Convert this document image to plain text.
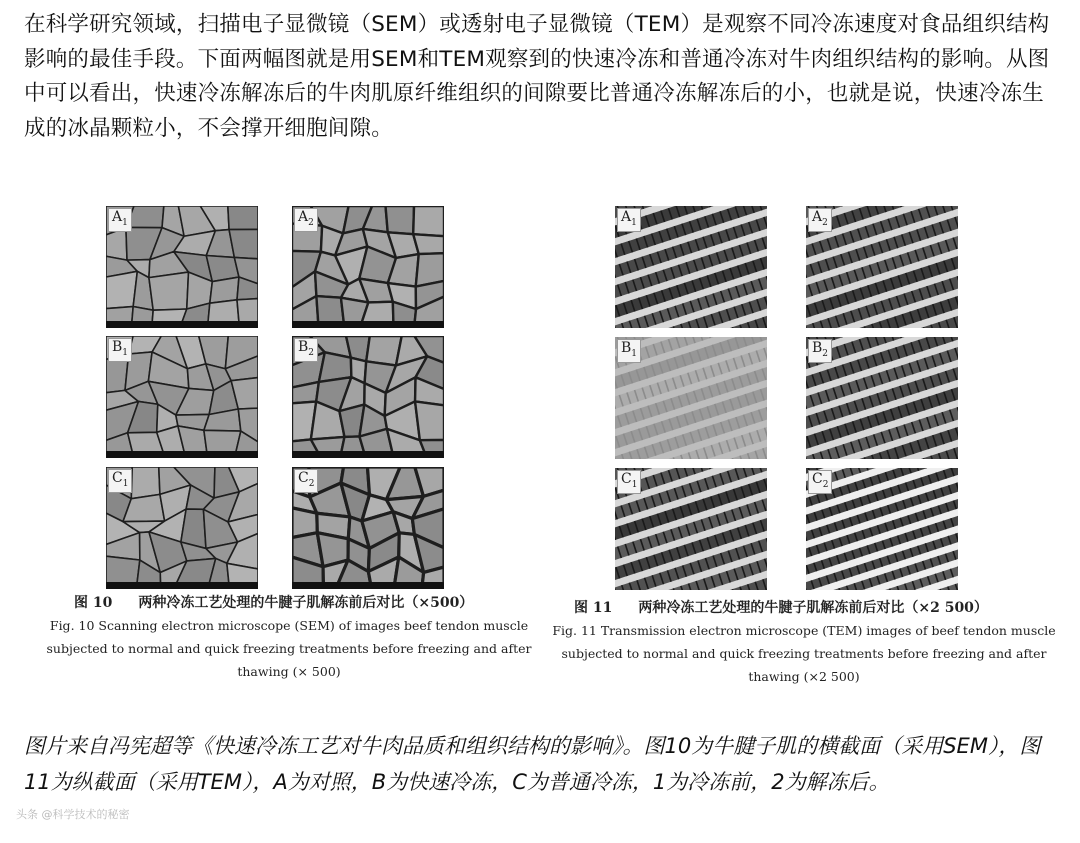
在科学研究领域，扫描电子显微镜（SEM）或透射电子显微镜（TEM）是观察不同冷冻速度对食品组织结构影响的最佳手段。下面两幅图就是用SEM和TEM观察到的快速冷冻和普通冷冻对牛肉组织结构的影响。从图中可以看出，快速冷冻解冻后的牛肉肌原纤维组织的间隙要比普通冷冻解冻后的小，也就是说，快速冷冻生成的冰晶颗粒小，不会撑开细胞间隙。

$A_1$	$A_2$
$B_1$	$B_2$
$C_1$	$C_2$
图 10 两种冷冻工艺处理的牛腱子肌解冻前后对比（×500）
Fig. 10 Scanning electron microscope (SEM) of images beef tendon muscle subjected to normal and quick freezing treatments before freezing and after thawing (× 500)
$A_1$	$A_2$
$B_1$	$B_2$
$C_1$	$C_2$
图 11 两种冷冻工艺处理的牛腱子肌解冻前后对比（×2 500）
Fig. 11 Transmission electron microscope (TEM) images of beef tendon muscle subjected to normal and quick freezing treatments before freezing and after thawing (×2 500)

图片来自冯宪超等《快速冷冻工艺对牛肉品质和组织结构的影响》。图10为牛腱子肌的横截面（采用SEM），图11为纵截面（采用TEM），A为对照，B为快速冷冻，C为普通冷冻，1为冷冻前，2为解冻后。

头条 @科学技术的秘密
